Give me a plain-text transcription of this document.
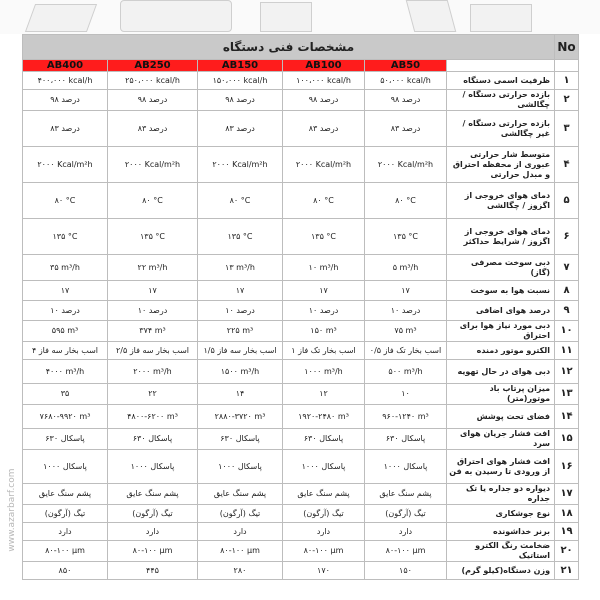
www.azarbarf.com
مشخصات فنی دستگاه						No
AB400	AB250	AB150	AB100	AB50		
۴۰۰،۰۰۰ kcal/h	۲۵۰،۰۰۰ kcal/h	۱۵۰،۰۰۰ kcal/h	۱۰۰،۰۰۰ kcal/h	۵۰،۰۰۰ kcal/h	ظرفیت اسمی دستگاه	۱
۹۸ درصد	۹۸ درصد	۹۸ درصد	۹۸ درصد	۹۸ درصد	بازده حرارتی دستگاه / چگالشی	۲
۸۳ درصد	۸۳ درصد	۸۳ درصد	۸۳ درصد	۸۳ درصد	بازده حرارتی دستگاه / غیر چگالشی	۳
۲۰۰۰ Kcal/m²h	۲۰۰۰ Kcal/m²h	۲۰۰۰ Kcal/m²h	۲۰۰۰ Kcal/m²h	۲۰۰۰ Kcal/m²h	متوسط شار حرارتی عبوری از محفظه احتراق و مبدل حرارتی	۴
۸۰ °C	۸۰ °C	۸۰ °C	۸۰ °C	۸۰ °C	دمای هوای خروجی از اگزوز / چگالشی	۵
۱۳۵ °C	۱۳۵ °C	۱۳۵ °C	۱۳۵ °C	۱۳۵ °C	دمای هوای خروجی از اگزوز / شرایط حداکثر	۶
۳۵ m³/h	۲۲ m³/h	۱۳ m³/h	۱۰ m³/h	۵ m³/h	دبی سوخت مصرفی (گاز)	۷
۱۷	۱۷	۱۷	۱۷	۱۷	نسبت هوا به سوخت	۸
۱۰ درصد	۱۰ درصد	۱۰ درصد	۱۰ درصد	۱۰ درصد	درصد هوای اضافی	۹
۵۹۵ m³	۳۷۴ m³	۲۲۵ m³	۱۵۰ m³	۷۵ m³	دبی مورد نیاز هوا برای احتراق	۱۰
۴ اسب بخار سه فاز	۲/۵ اسب بخار سه فاز	۱/۵ اسب بخار سه فاز	۱ اسب بخار تک فاز	۰/۵ اسب بخار تک فاز	الکترو موتور دمنده	۱۱
۴۰۰۰ m³/h	۲۰۰۰ m³/h	۱۵۰۰ m³/h	۱۰۰۰ m³/h	۵۰۰ m³/h	دبی هوای در حال تهویه	۱۲
۳۵	۲۲	۱۴	۱۲	۱۰	میزان پرتاب باد موتور(متر)	۱۳
۷۶۸۰-۹۹۲۰ m³	۴۸۰۰-۶۲۰۰ m³	۲۸۸۰-۳۷۲۰ m³	۱۹۲۰-۲۴۸۰ m³	۹۶۰-۱۲۴۰ m³	فضای تحت پوشش	۱۴
۶۳۰ پاسکال	۶۳۰ پاسکال	۶۳۰ پاسکال	۶۳۰ پاسکال	۶۳۰ پاسکال	افت فشار جریان هوای سرد	۱۵
۱۰۰۰ پاسکال	۱۰۰۰ پاسکال	۱۰۰۰ پاسکال	۱۰۰۰ پاسکال	۱۰۰۰ پاسکال	افت فشار هوای احتراق از ورودی تا رسیدن به فن	۱۶
پشم سنگ عایق	پشم سنگ عایق	پشم سنگ عایق	پشم سنگ عایق	پشم سنگ عایق	دیواره دو جداره یا تک جداره	۱۷
تیگ (آرگون)	تیگ (آرگون)	تیگ (آرگون)	تیگ (آرگون)	تیگ (آرگون)	نوع جوشکاری	۱۸
دارد	دارد	دارد	دارد	دارد	برنر خداشونده	۱۹
۸۰-۱۰۰ μm	۸۰-۱۰۰ μm	۸۰-۱۰۰ μm	۸۰-۱۰۰ μm	۸۰-۱۰۰ μm	ضخامت رنگ الکترو استاتیک	۲۰
۸۵۰	۴۴۵	۲۸۰	۱۷۰	۱۵۰	وزن دستگاه(کیلو گرم)	۲۱
